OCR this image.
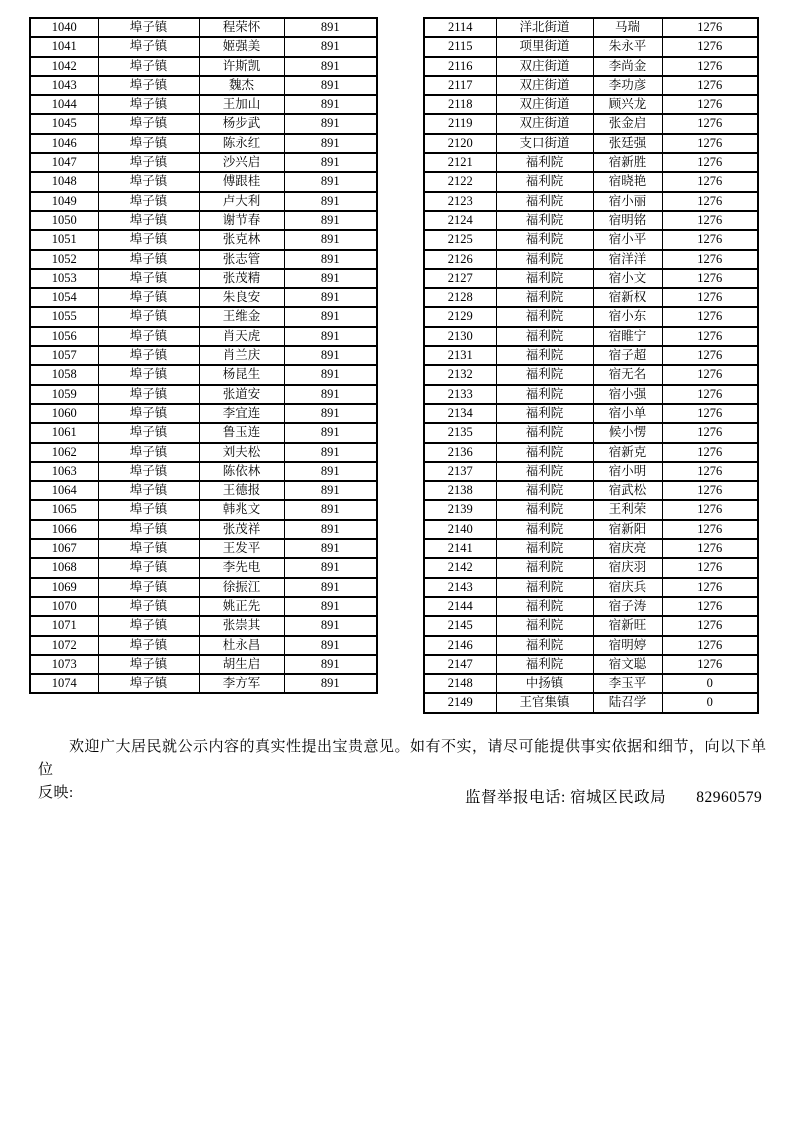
1040	埠子镇	程荣怀	891
1041	埠子镇	姬强美	891
1042	埠子镇	许斯凯	891
1043	埠子镇	魏杰	891
1044	埠子镇	王加山	891
1045	埠子镇	杨步武	891
1046	埠子镇	陈永红	891
1047	埠子镇	沙兴启	891
1048	埠子镇	傅跟桂	891
1049	埠子镇	卢大利	891
1050	埠子镇	谢节春	891
1051	埠子镇	张克林	891
1052	埠子镇	张志管	891
1053	埠子镇	张茂精	891
1054	埠子镇	朱良安	891
1055	埠子镇	王维金	891
1056	埠子镇	肖天虎	891
1057	埠子镇	肖兰庆	891
1058	埠子镇	杨昆生	891
1059	埠子镇	张道安	891
1060	埠子镇	李宜连	891
1061	埠子镇	鲁玉连	891
1062	埠子镇	刘夫松	891
1063	埠子镇	陈依林	891
1064	埠子镇	王德报	891
1065	埠子镇	韩兆文	891
1066	埠子镇	张茂祥	891
1067	埠子镇	王发平	891
1068	埠子镇	李先电	891
1069	埠子镇	徐振江	891
1070	埠子镇	姚正先	891
1071	埠子镇	张崇其	891
1072	埠子镇	杜永昌	891
1073	埠子镇	胡生启	891
1074	埠子镇	李方军	891
2114	洋北街道	马瑞	1276
2115	项里街道	朱永平	1276
2116	双庄街道	李尚金	1276
2117	双庄街道	李功彦	1276
2118	双庄街道	顾兴龙	1276
2119	双庄街道	张金启	1276
2120	支口街道	张廷强	1276
2121	福利院	宿新胜	1276
2122	福利院	宿晓艳	1276
2123	福利院	宿小丽	1276
2124	福利院	宿明铭	1276
2125	福利院	宿小平	1276
2126	福利院	宿洋洋	1276
2127	福利院	宿小文	1276
2128	福利院	宿新权	1276
2129	福利院	宿小东	1276
2130	福利院	宿睢宁	1276
2131	福利院	宿子超	1276
2132	福利院	宿无名	1276
2133	福利院	宿小强	1276
2134	福利院	宿小单	1276
2135	福利院	候小愣	1276
2136	福利院	宿新克	1276
2137	福利院	宿小明	1276
2138	福利院	宿武松	1276
2139	福利院	王利荣	1276
2140	福利院	宿新阳	1276
2141	福利院	宿庆亮	1276
2142	福利院	宿庆羽	1276
2143	福利院	宿庆兵	1276
2144	福利院	宿子涛	1276
2145	福利院	宿新旺	1276
2146	福利院	宿明婷	1276
2147	福利院	宿文聪	1276
2148	中扬镇	李玉平	0
2149	王官集镇	陆召学	0
欢迎广大居民就公示内容的真实性提出宝贵意见。如有不实，请尽可能提供事实依据和细节，向以下单位
反映:	监督举报电话: 宿城区民政局 82960579
